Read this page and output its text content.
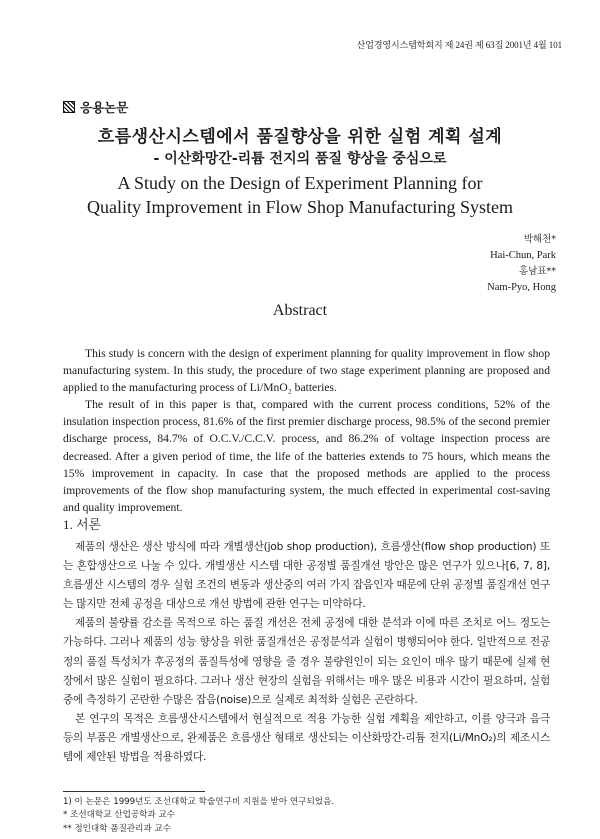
산업경영시스템학회지 제 24권 제 63집 2001년 4월 101
응용논문
흐름생산시스템에서 품질향상을 위한 실험 계획 설계
- 이산화망간-리튬 전지의 품질 향상을 중심으로
A Study on the Design of Experiment Planning for
Quality Improvement in Flow Shop Manufacturing System
박해천*
Hai-Chun, Park
홍남표**
Nam-Pyo, Hong
Abstract

This study is concern with the design of experiment planning for quality improvement in flow shop manufacturing system. In this study, the procedure of two stage experiment planning are proposed and applied to the manufacturing process of Li/MnO₂ batteries.

The result of in this paper is that, compared with the current process conditions, 52% of the insulation inspection process, 81.6% of the first premier discharge process, 98.5% of the second premier discharge process, 84.7% of O.C.V./C.C.V. process, and 86.2% of voltage inspection process are decreased. After a given period of time, the life of the batteries extends to 75 hours, which means the 15% improvement in capacity. In case that the proposed methods are applied to the process improvements of the flow shop manufacturing system, the much effected in experimental cost-saving and quality improvement.

1. 서론

제품의 생산은 생산 방식에 따라 개별생산(job shop production), 흐름생산(flow shop production) 또는 혼합생산으로 나눌 수 있다. 개별생산 시스템 대한 공정별 품질개선 방안은 많은 연구가 있으나[6, 7, 8], 흐름생산 시스템의 경우 실험 조건의 변동과 생산중의 여러 가지 잡음인자 때문에 단위 공정별 품질개선 연구는 많지만 전체 공정을 대상으로 개선 방법에 관한 연구는 미약하다.

제품의 불량률 감소를 목적으로 하는 품질 개선은 전체 공정에 대한 분석과 이에 따른 조치로 어느 정도는 가능하다. 그러나 제품의 성능 향상을 위한 품질개선은 공정분석과 실험이 병행되어야 한다. 일반적으로 전공정의 품질 특성치가 후공정의 품질특성에 영향을 줄 경우 불량원인이 되는 요인이 매우 많기 때문에 실제 현장에서 많은 실험이 필요하다. 그러나 생산 현장의 실험을 위해서는 매우 많은 비용과 시간이 필요하며, 실험 중에 측정하기 곤란한 수많은 잡음(noise)으로 실제로 최적화 실험은 곤란하다.

본 연구의 목적은 흐름생산시스템에서 현실적으로 적용 가능한 실험 계획을 제안하고, 이를 양극과 음극 등의 부품은 개별생산으로, 완제품은 흐름생산 형태로 생산되는 이산화망간-리튬 전지(Li/MnO₂)의 제조시스템에 제안된 방법을 적용하였다.

1) 이 논문은 1999년도 조선대학교 학술연구비 지원을 받아 연구되었음.
* 조선대학교 산업공학과 교수
** 정인대학 품질관리과 교수
